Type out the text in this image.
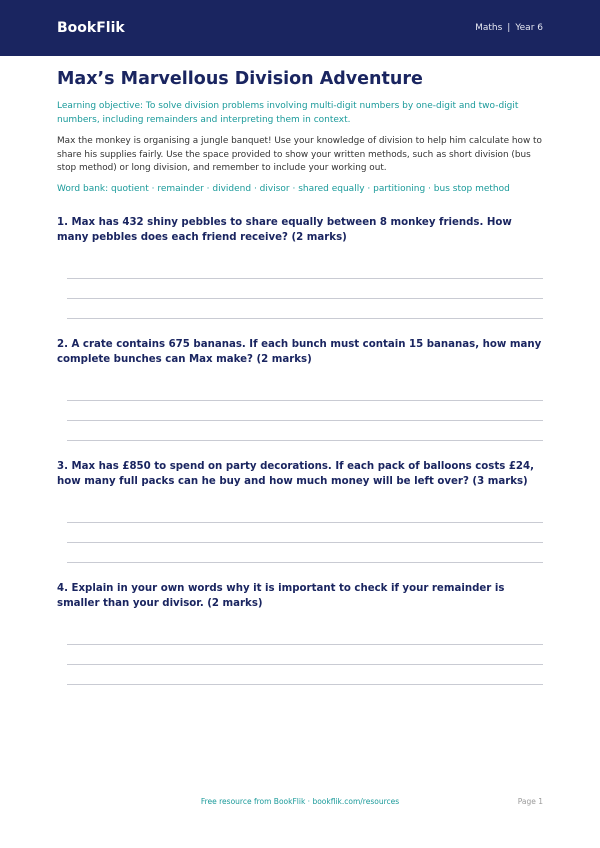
BookFlik	Maths | Year 6
Max’s Marvellous Division Adventure

Learning objective: To solve division problems involving multi-digit numbers by one-digit and two-digit numbers, including remainders and interpreting them in context.

Max the monkey is organising a jungle banquet! Use your knowledge of division to help him calculate how to share his supplies fairly. Use the space provided to show your written methods, such as short division (bus stop method) or long division, and remember to include your working out.

Word bank: quotient · remainder · dividend · divisor · shared equally · partitioning · bus stop method

1. Max has 432 shiny pebbles to share equally between 8 monkey friends. How many pebbles does each friend receive? (2 marks)

2. A crate contains 675 bananas. If each bunch must contain 15 bananas, how many complete bunches can Max make? (2 marks)

3. Max has £850 to spend on party decorations. If each pack of balloons costs £24, how many full packs can he buy and how much money will be left over? (3 marks)

4. Explain in your own words why it is important to check if your remainder is smaller than your divisor. (2 marks)

Free resource from BookFlik · bookflik.com/resources	Page 1
